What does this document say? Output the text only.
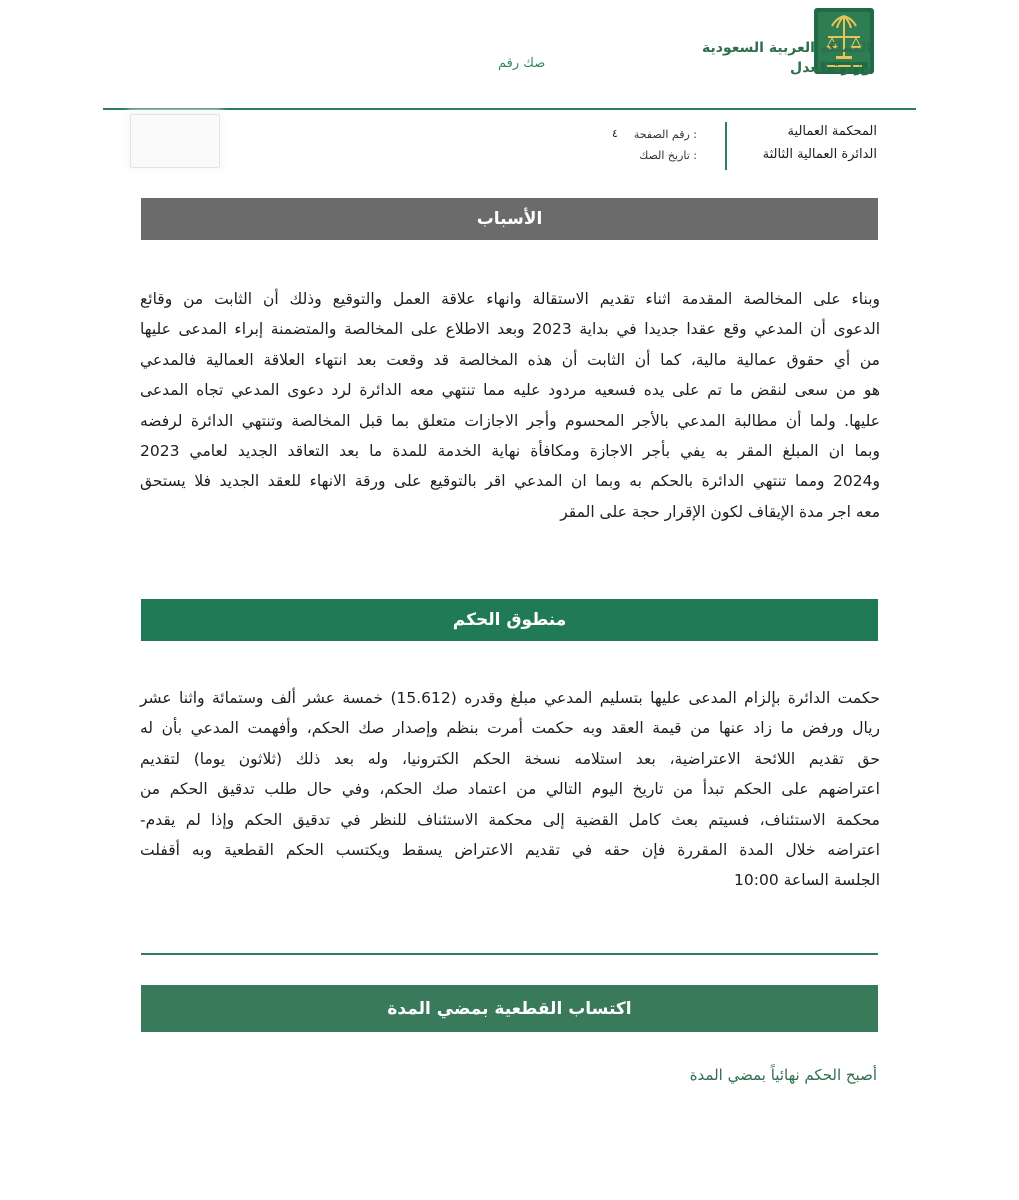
المملكة العربية السعودية
وزارة العدل
صك رقم
المحكمة العمالية
الدائرة العمالية الثالثة
رقم الصفحة :
٤
تاريخ الصك :
الأسباب
وبناء على المخالصة المقدمة اثناء تقديم الاستقالة وانهاء علاقة العمل والتوقيع وذلك أن الثابت من وقائع
الدعوى أن المدعي وقع عقدا جديدا في بداية 2023 وبعد الاطلاع على المخالصة والمتضمنة إبراء المدعى عليها
من أي حقوق عمالية مالية، كما أن الثابت أن هذه المخالصة قد وقعت بعد انتهاء العلاقة العمالية فالمدعي
هو من سعى لنقض ما تم على يده فسعيه مردود عليه مما تنتهي معه الدائرة لرد دعوى المدعي تجاه المدعى
عليها. ولما أن مطالبة المدعي بالأجر المحسوم وأجر الاجازات متعلق بما قبل المخالصة وتنتهي الدائرة لرفضه
وبما ان المبلغ المقر به يفي بأجر الاجازة ومكافأة نهاية الخدمة للمدة ما بعد التعاقد الجديد لعامي 2023
و2024 ومما تنتهي الدائرة بالحكم به وبما ان المدعي اقر بالتوقيع على ورقة الانهاء للعقد الجديد فلا يستحق
معه اجر مدة الإيقاف لكون الإقرار حجة على المقر
منطوق الحكم
حكمت الدائرة بإلزام المدعى عليها بتسليم المدعي مبلغ وقدره (15.612) خمسة عشر ألف وستمائة واثنا عشر
ريال ورفض ما زاد عنها من قيمة العقد وبه حكمت أمرت بنظم وإصدار صك الحكم، وأفهمت المدعي بأن له
حق تقديم اللائحة الاعتراضية، بعد استلامه نسخة الحكم الكترونيا، وله بعد ذلك (ثلاثون يوما) لتقديم
اعتراضهم على الحكم تبدأ من تاريخ اليوم التالي من اعتماد صك الحكم، وفي حال طلب تدقيق الحكم من
محكمة الاستئناف، فسيتم بعث كامل القضية إلى محكمة الاستئناف للنظر في تدقيق الحكم وإذا لم يقدم-
اعتراضه خلال المدة المقررة فإن حقه في تقديم الاعتراض يسقط ويكتسب الحكم القطعية وبه أقفلت
الجلسة الساعة 10:00
اكتساب القطعية بمضي المدة
أصبح الحكم نهائياً بمضي المدة
